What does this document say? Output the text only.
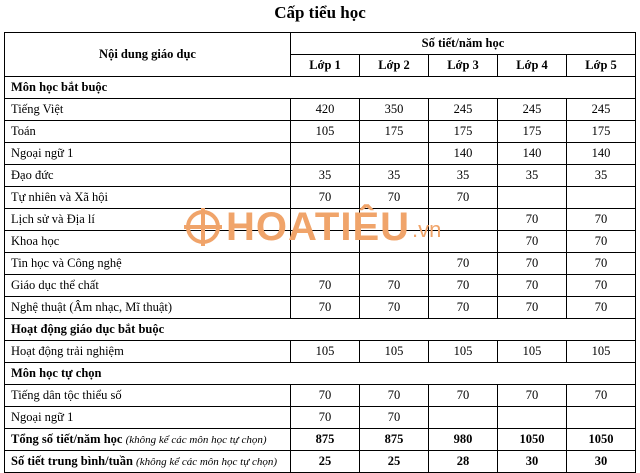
Cấp tiểu học
Nội dung giáo dục	Số tiết/năm học				
	Lớp 1	Lớp 2	Lớp 3	Lớp 4	Lớp 5
Môn học bắt buộc					
Tiếng Việt	420	350	245	245	245
Toán	105	175	175	175	175
Ngoại ngữ 1			140	140	140
Đạo đức	35	35	35	35	35
Tự nhiên và Xã hội	70	70	70		
Lịch sử và Địa lí				70	70
Khoa học				70	70
Tin học và Công nghệ			70	70	70
Giáo dục thể chất	70	70	70	70	70
Nghệ thuật (Âm nhạc, Mĩ thuật)	70	70	70	70	70
Hoạt động giáo dục bắt buộc					
Hoạt động trải nghiệm	105	105	105	105	105
Môn học tự chọn					
Tiếng dân tộc thiểu số	70	70	70	70	70
Ngoại ngữ 1	70	70			
Tổng số tiết/năm học (không kể các môn học tự chọn)	875	875	980	1050	1050
Số tiết trung bình/tuần (không kể các môn học tự chọn)	25	25	28	30	30
HOATIÊU .vn
